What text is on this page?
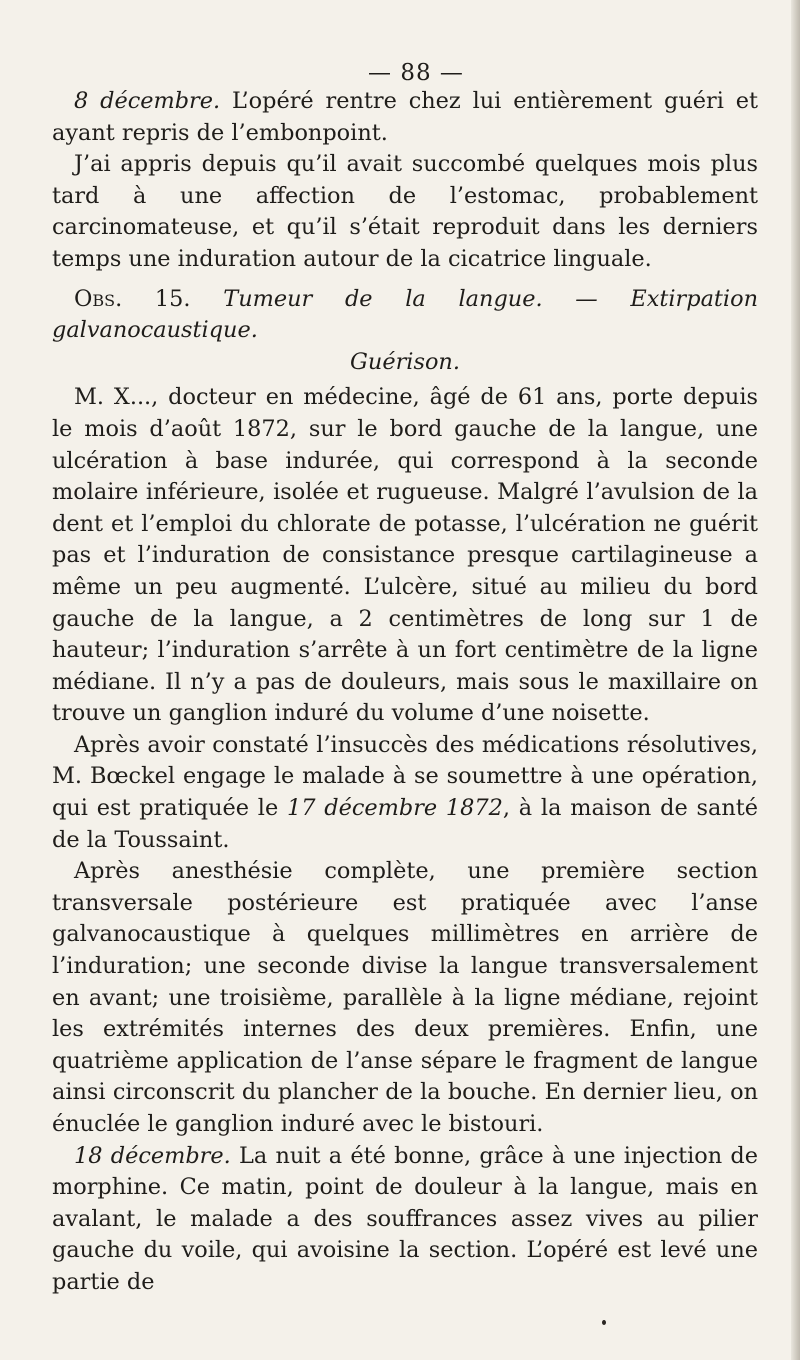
— 88 —

8 décembre. L’opéré rentre chez lui entièrement guéri et ayant repris de l’embonpoint.

J’ai appris depuis qu’il avait succombé quelques mois plus tard à une affection de l’estomac, probablement carcinomateuse, et qu’il s’était reproduit dans les derniers temps une induration autour de la cicatrice linguale.

Obs. 15. Tumeur de la langue. — Extirpation galvanocaustique.

Guérison.

M. X..., docteur en médecine, âgé de 61 ans, porte depuis le mois d’août 1872, sur le bord gauche de la langue, une ulcération à base indurée, qui correspond à la seconde molaire inférieure, isolée et rugueuse. Malgré l’avulsion de la dent et l’emploi du chlorate de potasse, l’ulcération ne guérit pas et l’induration de consistance presque cartilagineuse a même un peu augmenté. L’ulcère, situé au milieu du bord gauche de la langue, a 2 centimètres de long sur 1 de hauteur; l’induration s’arrête à un fort centimètre de la ligne médiane. Il n’y a pas de douleurs, mais sous le maxillaire on trouve un ganglion induré du volume d’une noisette.

Après avoir constaté l’insuccès des médications résolutives, M. Bœckel engage le malade à se soumettre à une opération, qui est pratiquée le 17 décembre 1872, à la maison de santé de la Toussaint.

Après anesthésie complète, une première section transversale postérieure est pratiquée avec l’anse galvanocaustique à quelques millimètres en arrière de l’induration; une seconde divise la langue transversalement en avant; une troisième, parallèle à la ligne médiane, rejoint les extrémités internes des deux premières. Enfin, une quatrième application de l’anse sépare le fragment de langue ainsi circonscrit du plancher de la bouche. En dernier lieu, on énuclée le ganglion induré avec le bistouri.

18 décembre. La nuit a été bonne, grâce à une injection de morphine. Ce matin, point de douleur à la langue, mais en avalant, le malade a des souffrances assez vives au pilier gauche du voile, qui avoisine la section. L’opéré est levé une partie de
